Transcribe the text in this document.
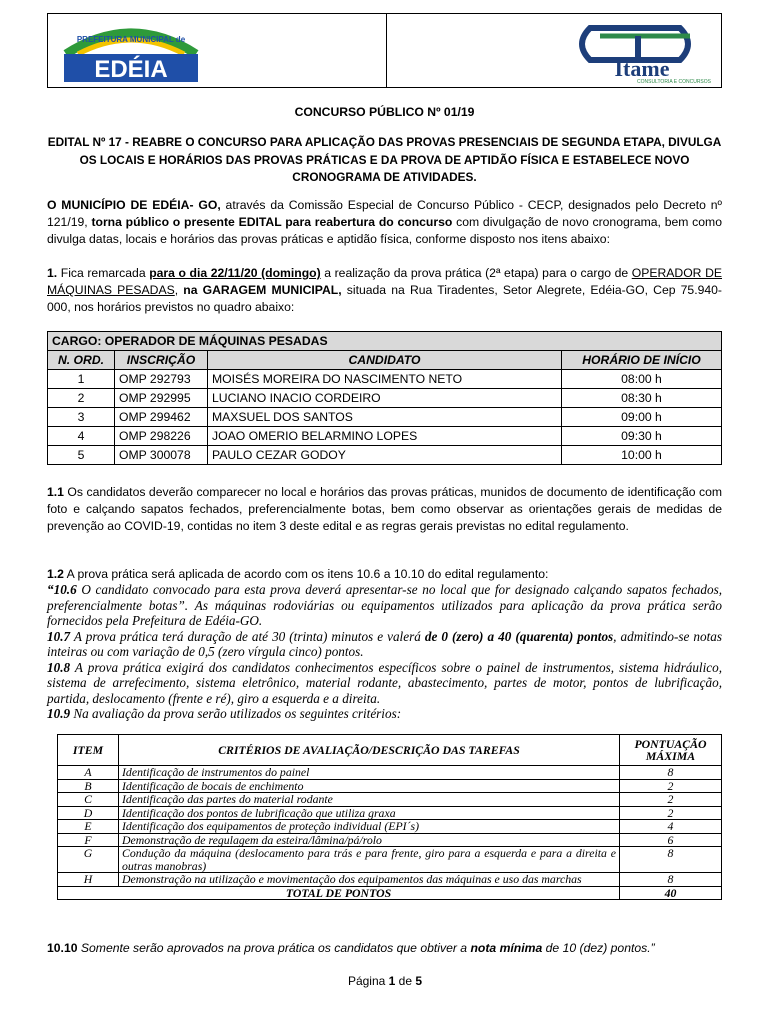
PREFEITURA MUNICIPAL de
EDÉIA	Itame
CONSULTORIA E CONCURSOS
CONCURSO PÚBLICO Nº 01/19
EDITAL Nº 17 - REABRE O CONCURSO PARA APLICAÇÃO DAS PROVAS PRESENCIAIS DE SEGUNDA ETAPA, DIVULGA
OS LOCAIS E HORÁRIOS DAS PROVAS PRÁTICAS E DA PROVA DE APTIDÃO FÍSICA E ESTABELECE NOVO
CRONOGRAMA DE ATIVIDADES.
O MUNICÍPIO DE EDÉIA- GO, através da Comissão Especial de Concurso Público - CECP, designados pelo Decreto nº 121/19, torna público o presente EDITAL para reabertura do concurso com divulgação de novo cronograma, bem como divulga datas, locais e horários das provas práticas e aptidão física, conforme disposto nos itens abaixo:
1. Fica remarcada para o dia 22/11/20 (domingo) a realização da prova prática (2ª etapa) para o cargo de OPERADOR DE MÁQUINAS PESADAS, na GARAGEM MUNICIPAL, situada na Rua Tiradentes, Setor Alegrete, Edéia-GO, Cep 75.940-000, nos horários previstos no quadro abaixo:
CARGO: OPERADOR DE MÁQUINAS PESADAS			
N. ORD.	INSCRIÇÃO	CANDIDATO	HORÁRIO DE INÍCIO
1	OMP 292793	MOISÉS MOREIRA DO NASCIMENTO NETO	08:00 h
2	OMP 292995	LUCIANO INACIO CORDEIRO	08:30 h
3	OMP 299462	MAXSUEL DOS SANTOS	09:00 h
4	OMP 298226	JOAO OMERIO BELARMINO LOPES	09:30 h
5	OMP 300078	PAULO CEZAR GODOY	10:00 h
1.1 Os candidatos deverão comparecer no local e horários das provas práticas, munidos de documento de identificação com foto e calçando sapatos fechados, preferencialmente botas, bem como observar as orientações gerais de medidas de prevenção ao COVID-19, contidas no item 3 deste edital e as regras gerais previstas no edital regulamento.
1.2 A prova prática será aplicada de acordo com os itens 10.6 a 10.10 do edital regulamento:
“10.6 O candidato convocado para esta prova deverá apresentar-se no local que for designado calçando sapatos fechados, preferencialmente botas”. As máquinas rodoviárias ou equipamentos utilizados para aplicação da prova prática serão fornecidos pela Prefeitura de Edéia-GO.
10.7 A prova prática terá duração de até 30 (trinta) minutos e valerá de 0 (zero) a 40 (quarenta) pontos, admitindo-se notas inteiras ou com variação de 0,5 (zero vírgula cinco) pontos.
10.8 A prova prática exigirá dos candidatos conhecimentos específicos sobre o painel de instrumentos, sistema hidráulico, sistema de arrefecimento, sistema eletrônico, material rodante, abastecimento, partes de motor, pontos de lubrificação, partida, deslocamento (frente e ré), giro a esquerda e a direita.
10.9 Na avaliação da prova serão utilizados os seguintes critérios:
ITEM	CRITÉRIOS DE AVALIAÇÃO/DESCRIÇÃO DAS TAREFAS	PONTUAÇÃO MÁXIMA
A	Identificação de instrumentos do painel	8
B	Identificação de bocais de enchimento	2
C	Identificação das partes do material rodante	2
D	Identificação dos pontos de lubrificação que utiliza graxa	2
E	Identificação dos equipamentos de proteção individual (EPI´s)	4
F	Demonstração de regulagem da esteira/lâmina/pá/rolo	6
G	Condução da máquina (deslocamento para trás e para frente, giro para a esquerda e para a direita e outras manobras)	8
H	Demonstração na utilização e movimentação dos equipamentos das máquinas e uso das marchas	8
TOTAL DE PONTOS		40
10.10 Somente serão aprovados na prova prática os candidatos que obtiver a nota mínima de 10 (dez) pontos.”
Página 1 de 5
